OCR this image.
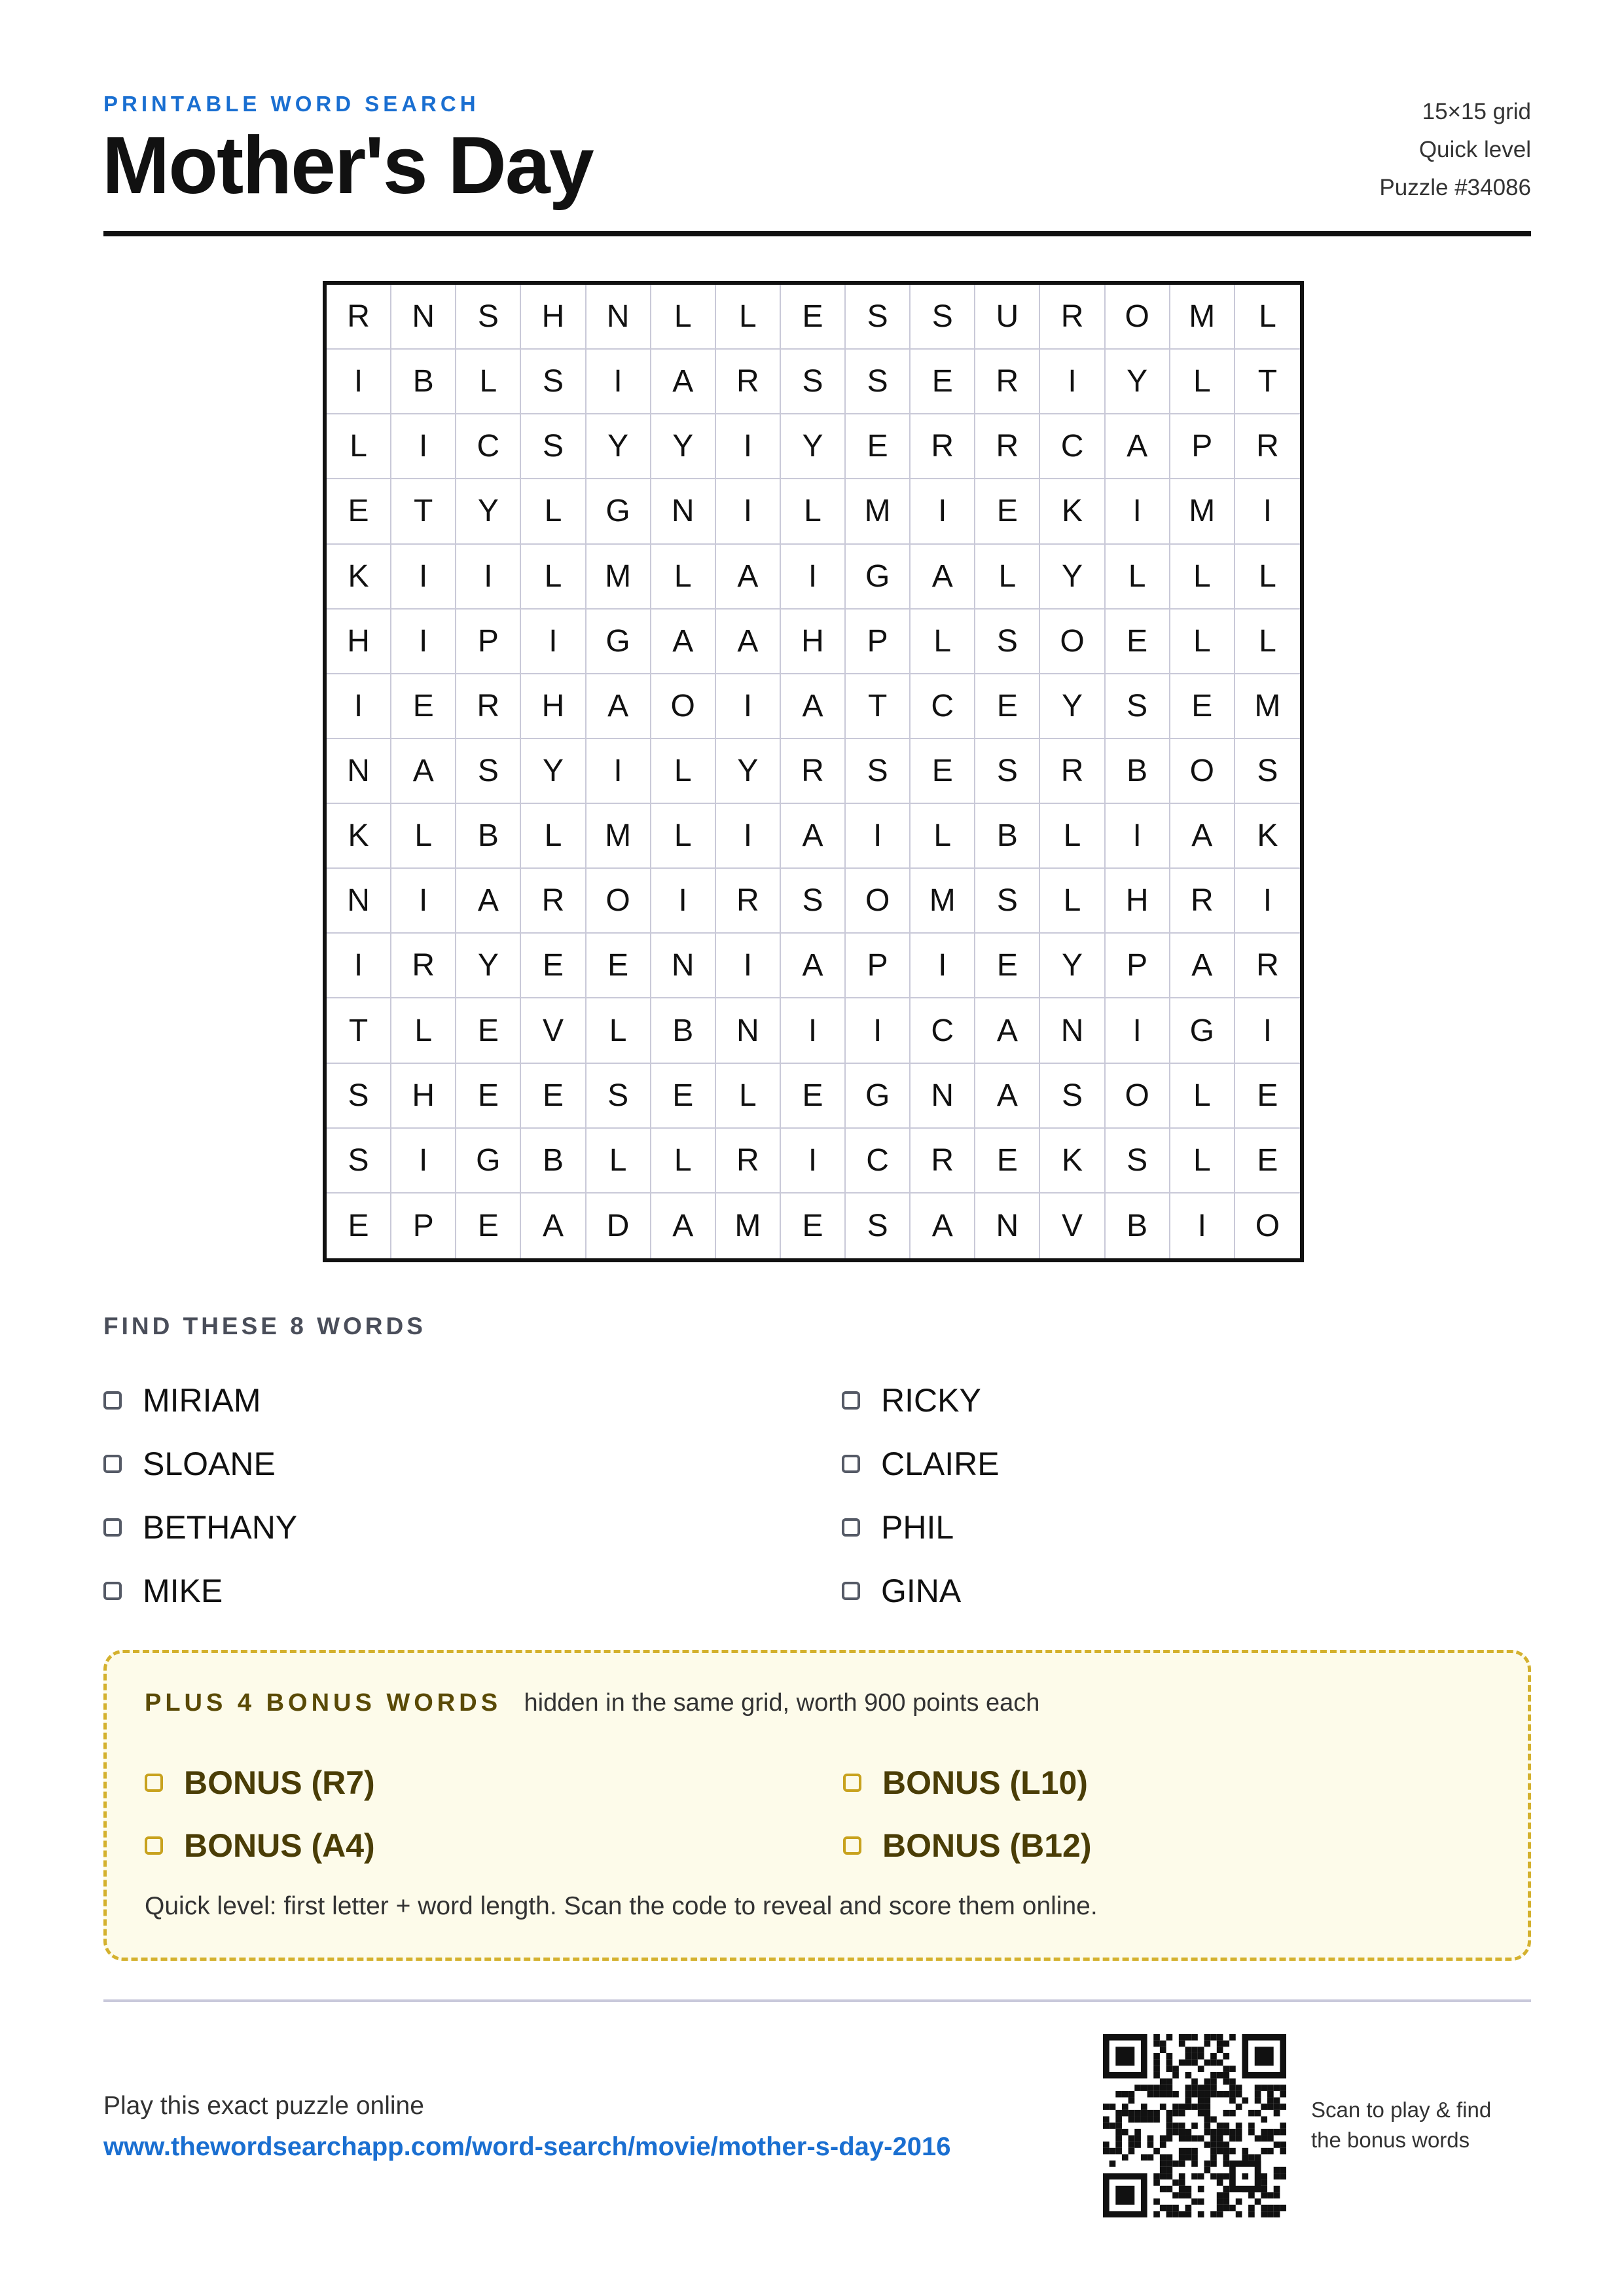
PRINTABLE WORD SEARCH
Mother's Day
15×15 grid
Quick level
Puzzle #34086
R	N	S	H	N	L	L	E	S	S	U	R	O	M	L
I	B	L	S	I	A	R	S	S	E	R	I	Y	L	T
L	I	C	S	Y	Y	I	Y	E	R	R	C	A	P	R
E	T	Y	L	G	N	I	L	M	I	E	K	I	M	I
K	I	I	L	M	L	A	I	G	A	L	Y	L	L	L
H	I	P	I	G	A	A	H	P	L	S	O	E	L	L
I	E	R	H	A	O	I	A	T	C	E	Y	S	E	M
N	A	S	Y	I	L	Y	R	S	E	S	R	B	O	S
K	L	B	L	M	L	I	A	I	L	B	L	I	A	K
N	I	A	R	O	I	R	S	O	M	S	L	H	R	I
I	R	Y	E	E	N	I	A	P	I	E	Y	P	A	R
T	L	E	V	L	B	N	I	I	C	A	N	I	G	I
S	H	E	E	S	E	L	E	G	N	A	S	O	L	E
S	I	G	B	L	L	R	I	C	R	E	K	S	L	E
E	P	E	A	D	A	M	E	S	A	N	V	B	I	O
FIND THESE 8 WORDS
MIRIAM	RICKY
SLOANE	CLAIRE
BETHANY	PHIL
MIKE	GINA
PLUS 4 BONUS WORDS hidden in the same grid, worth 900 points each
BONUS (R7)	BONUS (L10)
BONUS (A4)	BONUS (B12)
Quick level: first letter + word length. Scan the code to reveal and score them online.
Play this exact puzzle online
www.thewordsearchapp.com/word-search/movie/mother-s-day-2016
Scan to play & find
the bonus words
